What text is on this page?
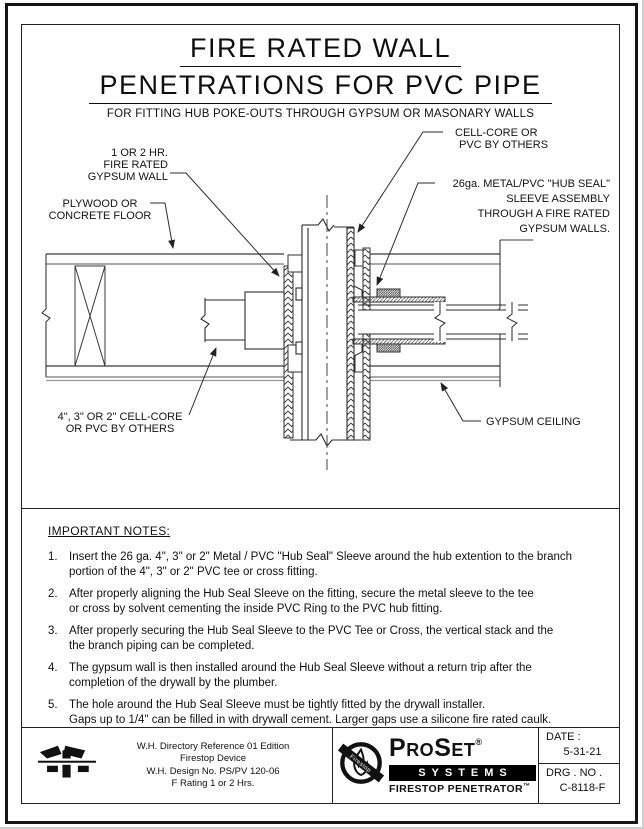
FIRE RATED WALL
PENETRATIONS FOR PVC PIPE
FOR FITTING HUB POKE-OUTS THROUGH GYPSUM OR MASONARY WALLS
1 OR 2 HR.
FIRE RATED
GYPSUM WALL
PLYWOOD OR
CONCRETE FLOOR
CELL-CORE OR
PVC BY OTHERS
26ga. METAL/PVC "HUB SEAL"
SLEEVE ASSEMBLY
THROUGH A FIRE RATED
GYPSUM WALLS.
4", 3" OR 2" CELL-CORE
OR PVC BY OTHERS
GYPSUM CEILING
IMPORTANT NOTES:
1. Insert the 26 ga. 4", 3" or 2" Metal / PVC "Hub Seal" Sleeve around the hub extention to the branch
portion of the 4", 3" or 2" PVC tee or cross fitting.
2. After properly aligning the Hub Seal Sleeve on the fitting, secure the metal sleeve to the tee
or cross by solvent cementing the inside PVC Ring to the PVC hub fitting.
3. After properly securing the Hub Seal Sleeve to the PVC Tee or Cross, the vertical stack and the
the branch piping can be completed.
4. The gypsum wall is then installed around the Hub Seal Sleeve without a return trip after the
completion of the drywall by the plumber.
5. The hole around the Hub Seal Sleeve must be tightly fitted by the drywall installer.
Gaps up to 1/4" can be filled in with drywall cement. Larger gaps use a silicone fire rated caulk.
W.H. Directory Reference 01 Edition
Firestop Device
W.H. Design No. PS/PV 120-06
F Rating 1 or 2 Hrs.
Firestop
PROSET®
SYSTEMS
FIRESTOP PENETRATOR™
DATE :
5-31-21
DRG . NO .
C-8118-F
